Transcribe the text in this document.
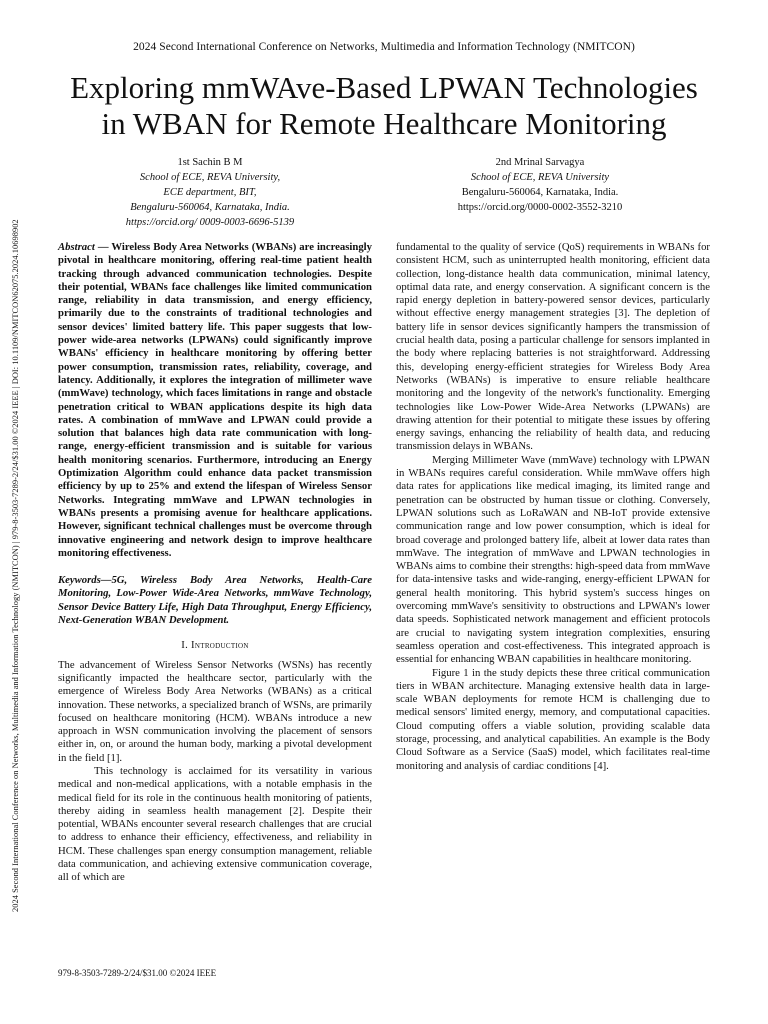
2024 Second International Conference on Networks, Multimedia and Information Technology (NMITCON)
Exploring mmWAve-Based LPWAN Technologies
in WBAN for Remote Healthcare Monitoring
1st Sachin B M
School of ECE, REVA University,
ECE department, BIT,
Bengaluru-560064, Karnataka, India.
https://orcid.org/ 0009-0003-6696-5139
2nd Mrinal Sarvagya
School of ECE, REVA University
Bengaluru-560064, Karnataka, India.
https://orcid.org/0000-0002-3552-3210
2024 Second International Conference on Networks, Multimedia and Information Technology (NMITCON) | 979-8-3503-7289-2/24/$31.00 ©2024 IEEE | DOI: 10.1109/NMITCON62075.2024.10698902	Abstract — Wireless Body Area Networks (WBANs) are increasingly pivotal in healthcare monitoring, offering real-time patient health tracking through advanced communication technologies. Despite their potential, WBANs face challenges like limited communication range, reliability in data transmission, and energy efficiency, primarily due to the constraints of traditional technologies and sensor devices' limited battery life. This paper suggests that low-power wide-area networks (LPWANs) could significantly improve WBANs' efficiency in healthcare monitoring by offering better power consumption, transmission rates, reliability, coverage, and latency. Additionally, it explores the integration of millimeter wave (mmWave) technology, which faces limitations in range and obstacle penetration critical to WBAN applications despite its high data rates. A combination of mmWave and LPWAN could provide a solution that balances high data rate communication with long-range, energy-efficient transmission and is suitable for various health monitoring scenarios. Furthermore, introducing an Energy Optimization Algorithm could enhance data packet transmission efficiency by up to 25% and extend the lifespan of Wireless Sensor Networks. Integrating mmWave and LPWAN technologies in WBANs presents a promising avenue for healthcare applications. However, significant technical challenges must be overcome through innovative engineering and network design to improve healthcare monitoring effectiveness.

Keywords—5G, Wireless Body Area Networks, Health-Care Monitoring, Low-Power Wide-Area Networks, mmWave Technology, Sensor Device Battery Life, High Data Throughput, Energy Efficiency, Next-Generation WBAN Development.

I. Introduction

The advancement of Wireless Sensor Networks (WSNs) has recently significantly impacted the healthcare sector, particularly with the emergence of Wireless Body Area Networks (WBANs) as a critical innovation. These networks, a specialized branch of WSNs, are primarily focused on healthcare monitoring (HCM). WBANs introduce a new approach in WSN communication involving the placement of sensors either in, on, or around the human body, marking a pivotal development in the field [1].

This technology is acclaimed for its versatility in various medical and non-medical applications, with a notable emphasis in the medical field for its role in the continuous health monitoring of patients, thereby aiding in seamless health management [2]. Despite their potential, WBANs encounter several research challenges that are crucial to address to enhance their efficiency, effectiveness, and reliability in HCM. These challenges span energy consumption management, reliable data communication, and achieving extensive communication coverage, all of which are

fundamental to the quality of service (QoS) requirements in WBANs for consistent HCM, such as uninterrupted health monitoring, efficient data collection, long-distance health data communication, minimal latency, optimal data rate, and energy conservation. A significant concern is the rapid energy depletion in battery-powered sensor devices, particularly without effective energy management strategies [3]. The depletion of battery life in sensor devices significantly hampers the transmission of crucial health data, posing a particular challenge for sensors implanted in the body where replacing batteries is not straightforward. Addressing this, developing energy-efficient strategies for Wireless Body Area Networks (WBANs) is imperative to ensure reliable healthcare monitoring and the longevity of the network's functionality. Emerging technologies like Low-Power Wide-Area Networks (LPWANs) are drawing attention for their potential to mitigate these issues by offering energy savings, enhancing the reliability of health data, and reducing transmission delays in WBANs.

Merging Millimeter Wave (mmWave) technology with LPWAN in WBANs requires careful consideration. While mmWave offers high data rates for applications like medical imaging, its limited range and penetration can be obstructed by human tissue or clothing. Conversely, LPWAN solutions such as LoRaWAN and NB-IoT provide extensive communication range and low power consumption, which is ideal for broad coverage and prolonged battery life, albeit at lower data rates than mmWave. The integration of mmWave and LPWAN technologies in WBANs aims to combine their strengths: high-speed data from mmWave for data-intensive tasks and wide-ranging, energy-efficient LPWAN for general health monitoring. This hybrid system's success hinges on overcoming mmWave's sensitivity to obstructions and LPWAN's lower data speeds. Sophisticated network management and efficient protocols are crucial to navigating system integration complexities, ensuring seamless operation and cost-effectiveness. This integrated approach is essential for enhancing WBAN capabilities in healthcare monitoring.

Figure 1 in the study depicts these three critical communication tiers in WBAN architecture. Managing extensive health data in large-scale WBAN deployments for remote HCM is challenging due to medical sensors' limited energy, memory, and computational capacities. Cloud computing offers a viable solution, providing scalable data storage, processing, and analytical capabilities. An example is the Body Cloud Software as a Service (SaaS) model, which facilitates real-time monitoring and analysis of cardiac conditions [4].

979-8-3503-7289-2/24/$31.00 ©2024 IEEE
